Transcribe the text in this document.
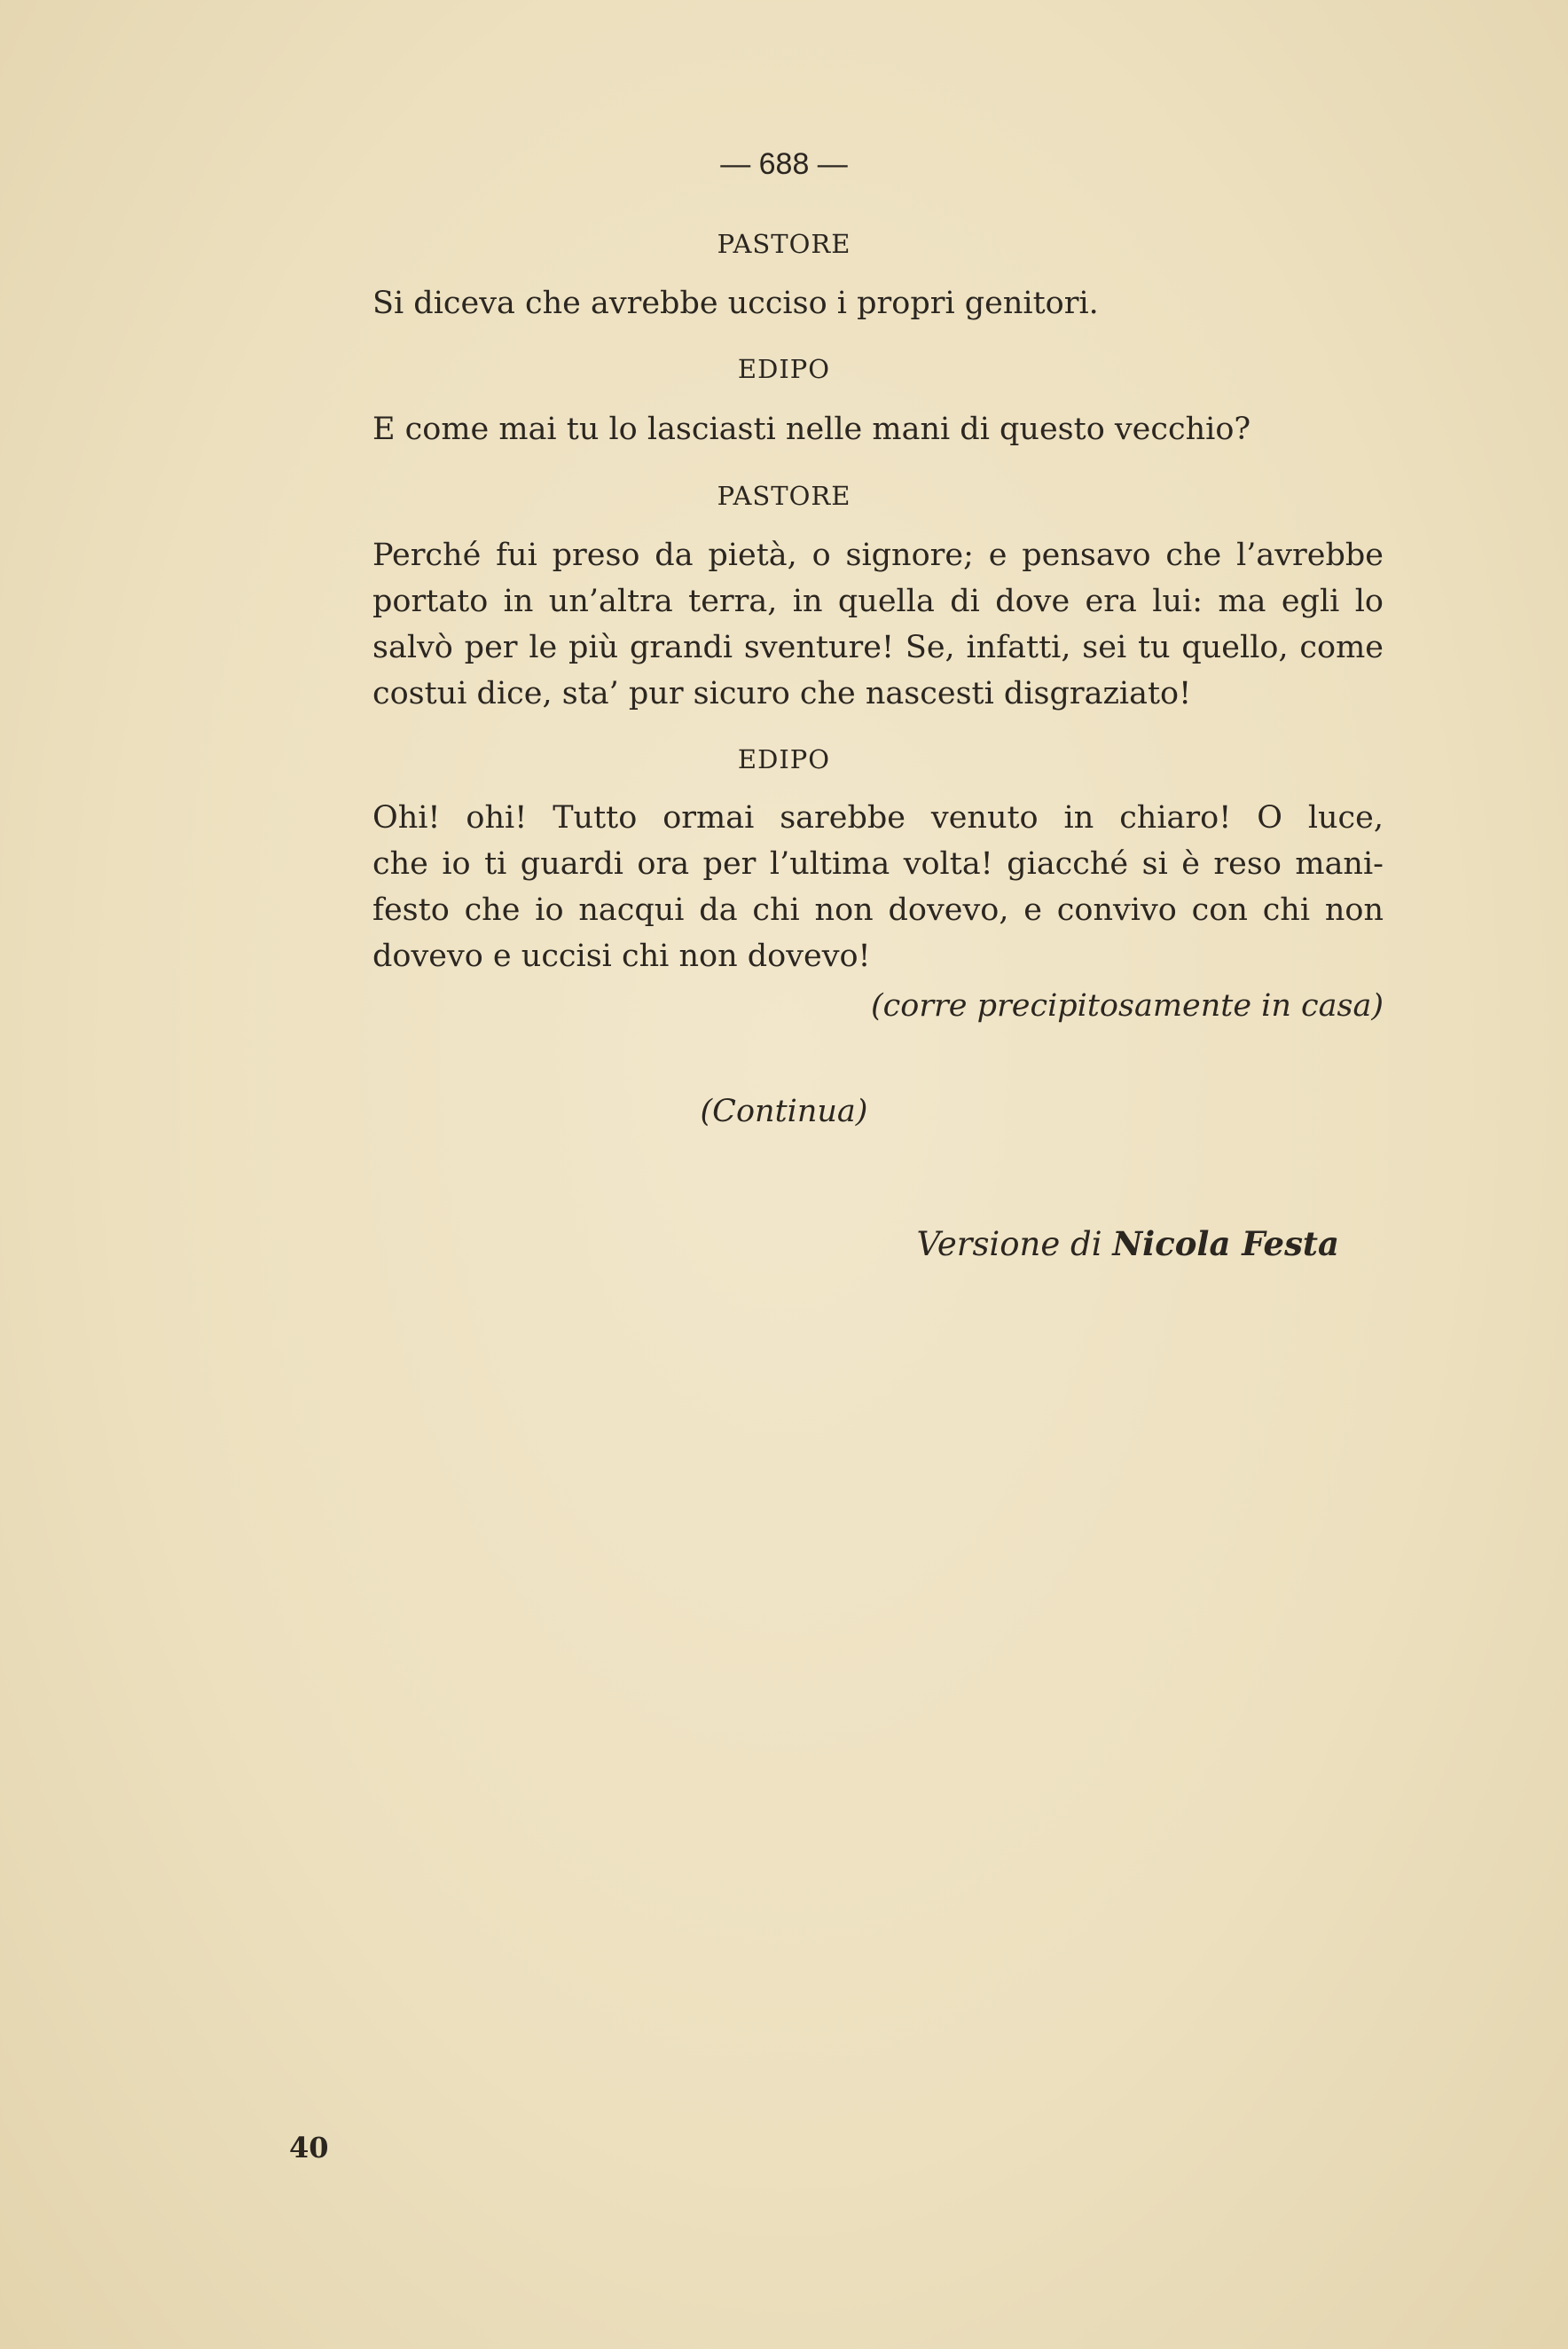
— 688 —
PASTORE
Si diceva che avrebbe ucciso i propri genitori.
EDIPO
E come mai tu lo lasciasti nelle mani di questo vecchio?
PASTORE
Perché fui preso da pietà, o signore; e pensavo che l’avrebbe
portato in un’altra terra, in quella di dove era lui: ma egli lo
salvò per le più grandi sventure! Se, infatti, sei tu quello, come
costui dice, sta’ pur sicuro che nascesti disgraziato!
EDIPO
Ohi! ohi! Tutto ormai sarebbe venuto in chiaro! O luce,
che io ti guardi ora per l’ultima volta! giacché si è reso mani-
festo che io nacqui da chi non dovevo, e convivo con chi non
dovevo e uccisi chi non dovevo!
(corre precipitosamente in casa)
(Continua)
Versione di Nicola Festa
40
